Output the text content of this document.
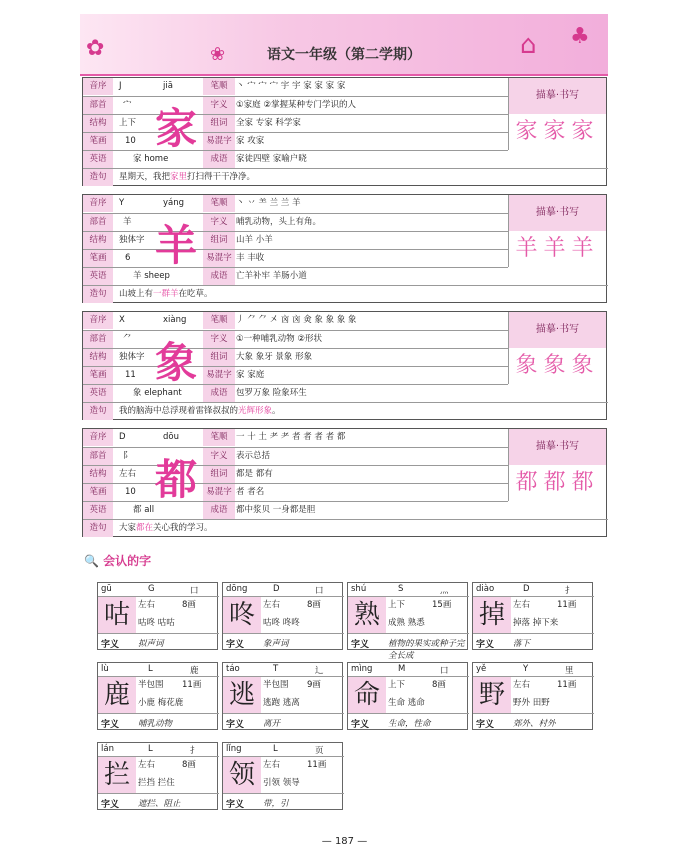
✿	❀	⌂ ♣
语文一年级（第二学期）
音序	J	jiā	笔顺	丶 宀 宀 宀 宇 宇 家 家 家 家
部首	宀	字义	①家庭 ②掌握某种专门学识的人
结构	上下	组词	全家 专家 科学家
笔画	10	易混字 家 攻家
英语	家 home	成语	家徒四壁 家喻户晓
造句	星期天，我把家里打扫得干干净净。
家
描摹·书写
家家家
音序	Y	yáng	笔顺	丶 丷 ⺷ 兰 兰 羊
部首	羊	字义	哺乳动物，头上有角。
结构	独体字	组词	山羊 小羊
笔画	6	易混字 丰 丰收
英语	羊 sheep	成语	亡羊补牢 羊肠小道
造句	山坡上有一群羊在吃草。
羊
描摹·书写
羊羊羊
音序	X	xiàng	笔顺	丿 ⺈ ⺈ 㐅 㐫 㐫 㑒 象 象 象 象
部首	⺈	字义	①一种哺乳动物 ②形状
结构	独体字	组词	大象 象牙 景象 形象
笔画	11	易混字 家 家庭
英语	象 elephant	成语	包罗万象 险象环生
造句	我的脑海中总浮现着雷锋叔叔的光辉形象。
象
描摹·书写
象象象
音序	D	dōu	笔顺	一 十 土 耂 耂 者 者 者 者 都
部首	阝	字义	表示总括
结构	左右	组词	都是 都有
笔画	10	易混字 者 者名
英语	都 all	成语	都中浆贝 一身都是胆
造句	大家都在关心我的学习。
都
描摹·书写
都都都
🔍 会认的字
gū	G	口
咕 左右	8画
咕咚 咕咕
字义 拟声词
dōng	D	口
咚 左右	8画
咕咚 咚咚
字义 象声词
shú	S	灬
熟 上下	15画
成熟 熟悉
字义 植物的果实或种子完全长成
diào	D	扌
掉 左右	11画
掉落 掉下来
字义 落下
lù	L	鹿
鹿 半包围 11画
小鹿 梅花鹿
字义 哺乳动物
táo	T	辶
逃 半包围 9画
逃跑 逃离
字义 离开
mìng	M	口
命 上下	8画
生命 逃命
字义 生命，性命
yě	Y	里
野 左右	11画
野外 田野
字义 郊外、村外
lán	L	扌
拦 左右	8画
拦挡 拦住
字义 遮拦、阻止
lǐng	L	页
领 左右	11画
引领 领导
字义 带，引
— 187 —
